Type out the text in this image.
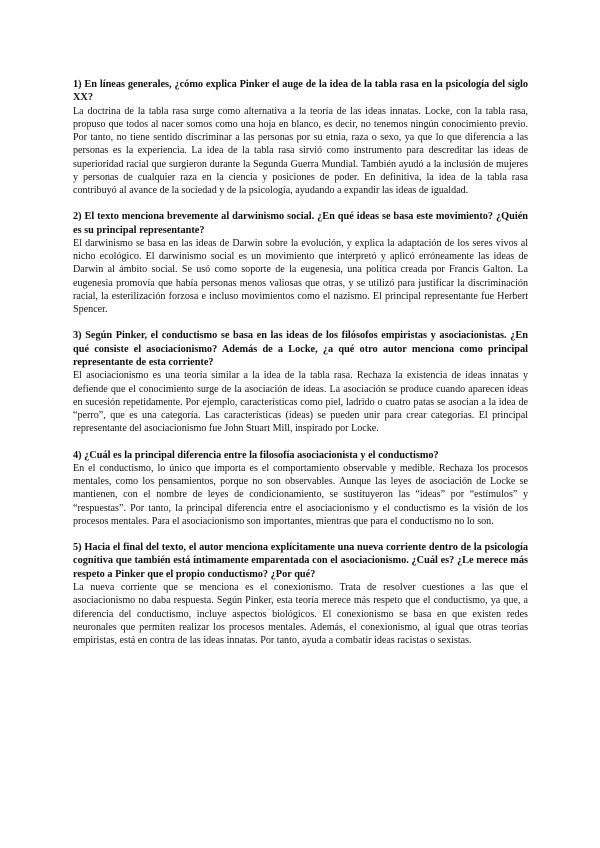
1) En líneas generales, ¿cómo explica Pinker el auge de la idea de la tabla rasa en la psicología del siglo XX?

La doctrina de la tabla rasa surge como alternativa a la teoría de las ideas innatas. Locke, con la tabla rasa, propuso que todos al nacer somos como una hoja en blanco, es decir, no tenemos ningún conocimiento previo. Por tanto, no tiene sentido discriminar a las personas por su etnia, raza o sexo, ya que lo que diferencia a las personas es la experiencia. La idea de la tabla rasa sirvió como instrumento para descreditar las ideas de superioridad racial que surgieron durante la Segunda Guerra Mundial. También ayudó a la inclusión de mujeres y personas de cualquier raza en la ciencia y posiciones de poder. En definitiva, la idea de la tabla rasa contribuyó al avance de la sociedad y de la psicología, ayudando a expandir las ideas de igualdad.

2) El texto menciona brevemente al darwinismo social. ¿En qué ideas se basa este movimiento? ¿Quién es su principal representante?

El darwinismo se basa en las ideas de Darwin sobre la evolución, y explica la adaptación de los seres vivos al nicho ecológico. El darwinismo social es un movimiento que interpretó y aplicó erróneamente las ideas de Darwin al ámbito social. Se usó como soporte de la eugenesia, una política creada por Francis Galton. La eugenesia promovía que había personas menos valiosas que otras, y se utilizó para justificar la discriminación racial, la esterilización forzosa e incluso movimientos como el nazismo. El principal representante fue Herbert Spencer.

3) Según Pinker, el conductismo se basa en las ideas de los filósofos empiristas y asociacionistas. ¿En qué consiste el asociacionismo? Además de a Locke, ¿a qué otro autor menciona como principal representante de esta corriente?

El asociacionismo es una teoría similar a la idea de la tabla rasa. Rechaza la existencia de ideas innatas y defiende que el conocimiento surge de la asociación de ideas. La asociación se produce cuando aparecen ideas en sucesión repetidamente. Por ejemplo, características como piel, ladrido o cuatro patas se asocian a la idea de “perro”, que es una categoría. Las características (ideas) se pueden unir para crear categorías. El principal representante del asociacionismo fue John Stuart Mill, inspirado por Locke.

4) ¿Cuál es la principal diferencia entre la filosofía asociacionista y el conductismo?

En el conductismo, lo único que importa es el comportamiento observable y medible. Rechaza los procesos mentales, como los pensamientos, porque no son observables. Aunque las leyes de asociación de Locke se mantienen, con el nombre de leyes de condicionamiento, se sustituyeron las “ideas” por “estímulos” y “respuestas”. Por tanto, la principal diferencia entre el asociacionismo y el conductismo es la visión de los procesos mentales. Para el asociacionismo son importantes, mientras que para el conductismo no lo son.

5) Hacia el final del texto, el autor menciona explícitamente una nueva corriente dentro de la psicología cognitiva que también está íntimamente emparentada con el asociacionismo. ¿Cuál es? ¿Le merece más respeto a Pinker que el propio conductismo? ¿Por qué?

La nueva corriente que se menciona es el conexionismo. Trata de resolver cuestiones a las que el asociacionismo no daba respuesta. Según Pinker, esta teoría merece más respeto que el conductismo, ya que, a diferencia del conductismo, incluye aspectos biológicos. El conexionismo se basa en que existen redes neuronales que permiten realizar los procesos mentales. Además, el conexionismo, al igual que otras teorías empiristas, está en contra de las ideas innatas. Por tanto, ayuda a combatir ideas racistas o sexistas.
